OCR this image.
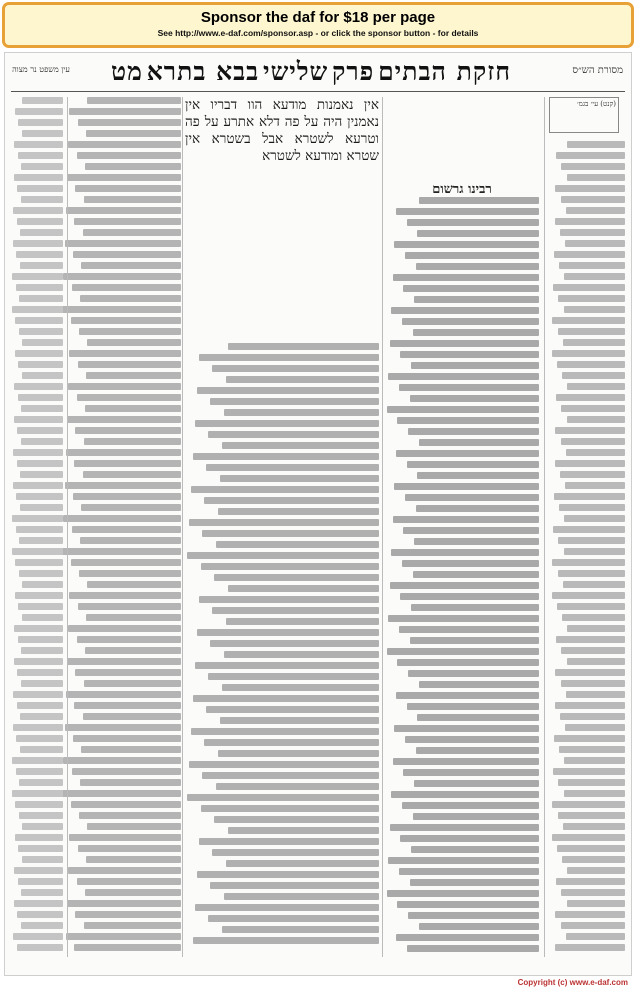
Sponsor the daf for $18 per page
See http://www.e-daf.com/sponsor.asp - or click the sponsor button - for details
מסורת הש״ס
חזקת הבתים
פרק
שלישי
בבא בתרא
מט
עין משפט נר מצוה
(קנט) עי׳ בגמ׳
רבינו גרשום
אין נאמנות מודעא הוו דבריו אין נאמנין היה על פה דלא אתרע על פה וטרעא לשטרא אבל בשטרא אין שטרא ומודעא לשטרא
Copyright (c) www.e-daf.com
